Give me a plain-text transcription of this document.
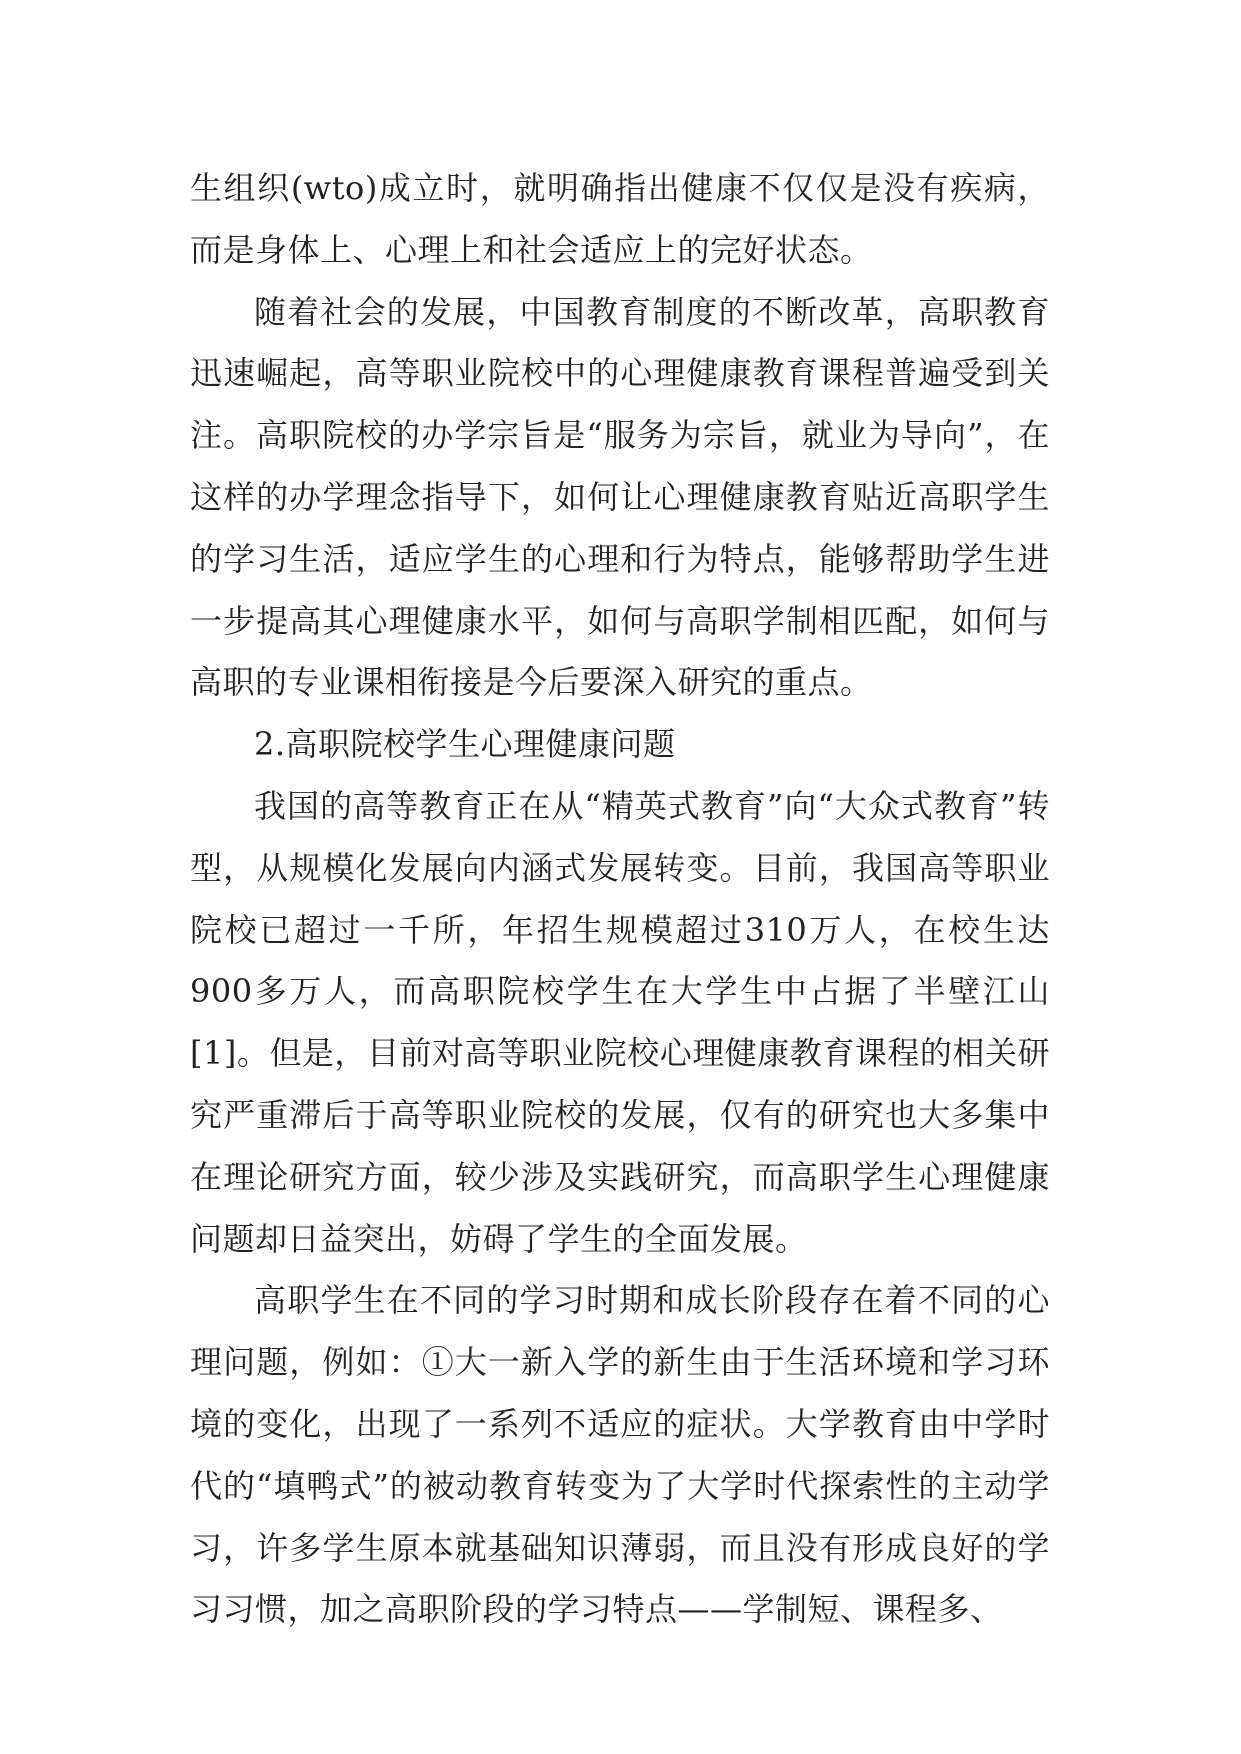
生组织(wto)成立时，就明确指出健康不仅仅是没有疾病，而是身体上、心理上和社会适应上的完好状态。

随着社会的发展，中国教育制度的不断改革，高职教育迅速崛起，高等职业院校中的心理健康教育课程普遍受到关注。高职院校的办学宗旨是“服务为宗旨，就业为导向”，在这样的办学理念指导下，如何让心理健康教育贴近高职学生的学习生活，适应学生的心理和行为特点，能够帮助学生进一步提高其心理健康水平，如何与高职学制相匹配，如何与高职的专业课相衔接是今后要深入研究的重点。

2.高职院校学生心理健康问题

我国的高等教育正在从“精英式教育”向“大众式教育”转型，从规模化发展向内涵式发展转变。目前，我国高等职业院校已超过一千所，年招生规模超过310万人，在校生达900多万人，而高职院校学生在大学生中占据了半壁江山[1]。但是，目前对高等职业院校心理健康教育课程的相关研究严重滞后于高等职业院校的发展，仅有的研究也大多集中在理论研究方面，较少涉及实践研究，而高职学生心理健康问题却日益突出，妨碍了学生的全面发展。

高职学生在不同的学习时期和成长阶段存在着不同的心理问题，例如：①大一新入学的新生由于生活环境和学习环境的变化，出现了一系列不适应的症状。大学教育由中学时代的“填鸭式”的被动教育转变为了大学时代探索性的主动学习，许多学生原本就基础知识薄弱，而且没有形成良好的学习习惯，加之高职阶段的学习特点——学制短、课程多、
